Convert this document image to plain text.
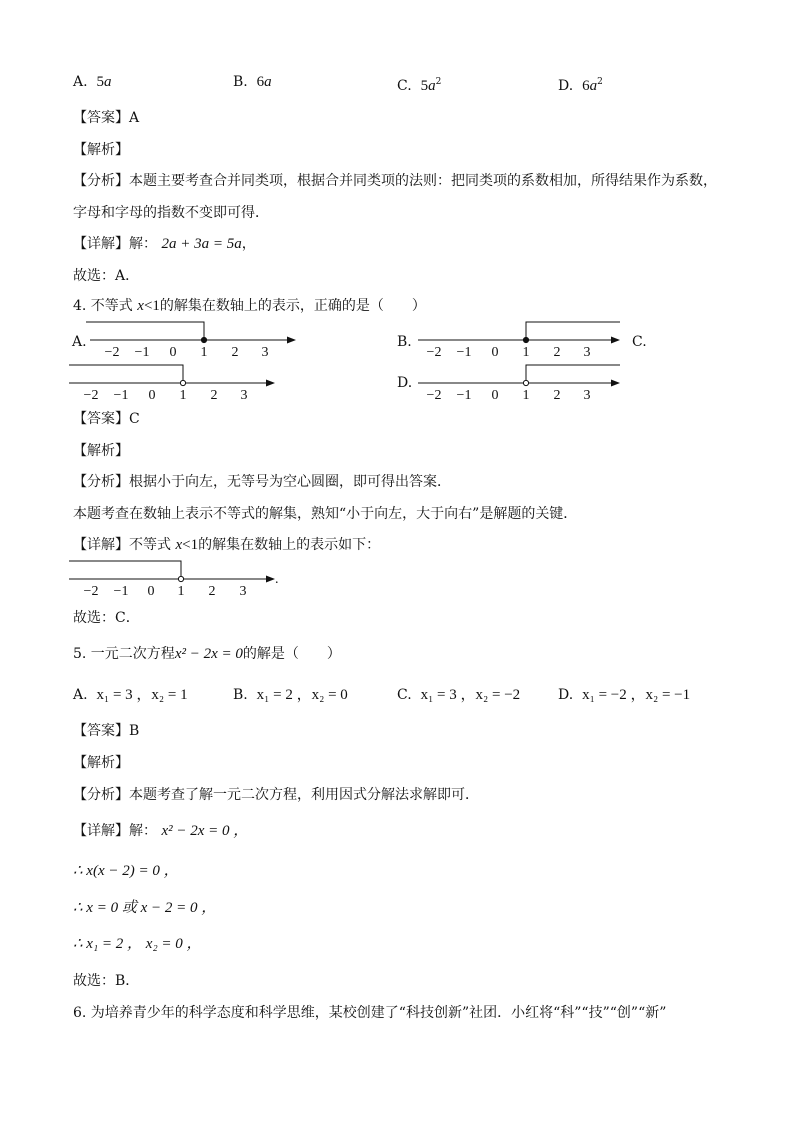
A. 5a	B. 6a	C. $5a^2$	D. $6a^2$
【答案】A
【解析】
【分析】本题主要考查合并同类项，根据合并同类项的法则：把同类项的系数相加，所得结果作为系数，
字母和字母的指数不变即可得．
【详解】解： 2a + 3a = 5a，
故选：A．
4. 不等式 x<1的解集在数轴上的表示，正确的是（　　）
A.
−2 −1 0 1 2 3
B.
−2 −1 0 1 2 3
C.
−2 −1 0 1 2 3
D.
−2 −1 0 1 2 3
【答案】C
【解析】
【分析】根据小于向左，无等号为空心圆圈，即可得出答案．
本题考查在数轴上表示不等式的解集，熟知“小于向左，大于向右”是解题的关键．
【详解】不等式 x<1的解集在数轴上的表示如下：
−2 −1 0 1 2 3
.
故选：C．
5. 一元二次方程x² − 2x = 0的解是（　　）
A. x₁ = 3 ，x₂ = 1	B. x₁ = 2 ，x₂ = 0	C. x₁ = 3 ，x₂ = −2	D. x₁ = −2 ，x₂ = −1
【答案】B
【解析】
【分析】本题考查了解一元二次方程，利用因式分解法求解即可．
【详解】解： x² − 2x = 0 ，
∴ x(x − 2) = 0 ，
∴ x = 0 或 x − 2 = 0 ，
∴ x₁ = 2 ， x₂ = 0 ，
故选：B．
6. 为培养青少年的科学态度和科学思维，某校创建了“科技创新”社团．小红将“科”“技”“创”“新”
